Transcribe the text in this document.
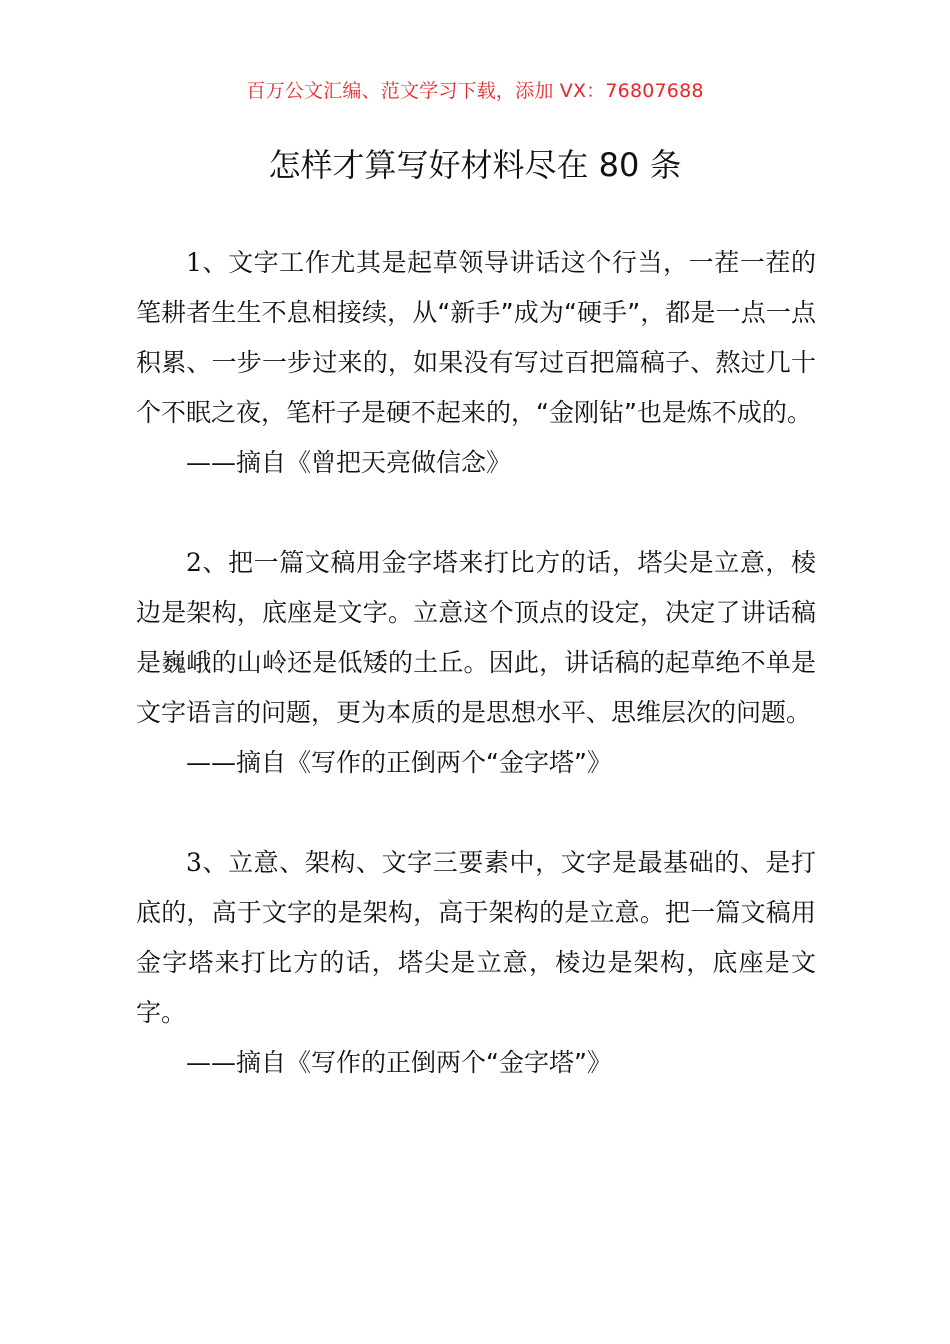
百万公文汇编、范文学习下载，添加 VX：76807688
怎样才算写好材料尽在 80 条

1、文字工作尤其是起草领导讲话这个行当，一茬一茬的笔耕者生生不息相接续，从“新手”成为“硬手”，都是一点一点积累、一步一步过来的，如果没有写过百把篇稿子、熬过几十个不眠之夜，笔杆子是硬不起来的，“金刚钻”也是炼不成的。

——摘自《曾把天亮做信念》

2、把一篇文稿用金字塔来打比方的话，塔尖是立意，棱边是架构，底座是文字。立意这个顶点的设定，决定了讲话稿是巍峨的山岭还是低矮的土丘。因此，讲话稿的起草绝不单是文字语言的问题，更为本质的是思想水平、思维层次的问题。

——摘自《写作的正倒两个“金字塔”》

3、立意、架构、文字三要素中，文字是最基础的、是打底的，高于文字的是架构，高于架构的是立意。把一篇文稿用金字塔来打比方的话，塔尖是立意，棱边是架构，底座是文字。

——摘自《写作的正倒两个“金字塔”》
